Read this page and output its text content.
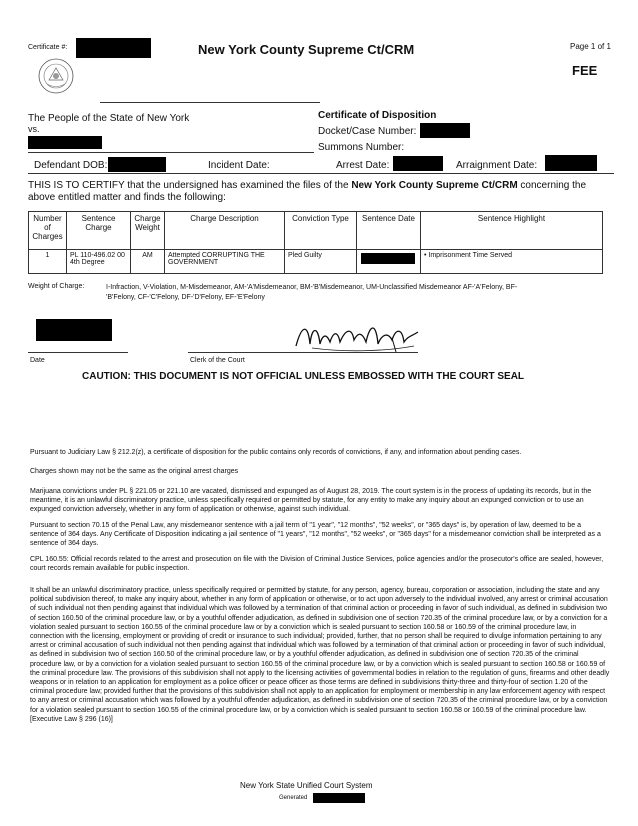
Certificate #:	New York County Supreme Ct/CRM	Page 1 of 1
FEE
The People of the State of New York
vs.
Certificate of Disposition
Docket/Case Number:
Summons Number:
Defendant DOB:	Incident Date:	Arrest Date:	Arraignment Date:
THIS IS TO CERTIFY that the undersigned has examined the files of the New York County Supreme Ct/CRM concerning the above entitled matter and finds the following:
Number of Charges	Sentence Charge	Charge Weight	Charge Description	Conviction Type	Sentence Date	Sentence Highlight
1	PL 110-496.02 00 4th Degree	AM	Attempted CORRUPTING THE GOVERNMENT	Pled Guilty		• Imprisonment Time Served
Weight of Charge:	I-Infraction, V-Violation, M-Misdemeanor, AM-'A'Misdemeanor, BM-'B'Misdemeanor, UM-Unclassified Misdemeanor AF-'A'Felony, BF-'B'Felony, CF-'C'Felony, DF-'D'Felony, EF-'E'Felony
Date	Clerk of the Court
CAUTION: THIS DOCUMENT IS NOT OFFICIAL UNLESS EMBOSSED WITH THE COURT SEAL
Pursuant to Judiciary Law § 212.2(z), a certificate of disposition for the public contains only records of convictions, if any, and information about pending cases.
Charges shown may not be the same as the original arrest charges
Marijuana convictions under PL § 221.05 or 221.10 are vacated, dismissed and expunged as of August 28, 2019. The court system is in the process of updating its records, but in the meantime, it is an unlawful discriminatory practice, unless specifically required or permitted by statute, for any entity to make any inquiry about an expunged conviction or to use an expunged conviction adversely, whether in any form of application or otherwise, against such individual.
Pursuant to section 70.15 of the Penal Law, any misdemeanor sentence with a jail term of "1 year", "12 months", "52 weeks", or "365 days" is, by operation of law, deemed to be a sentence of 364 days. Any Certificate of Disposition indicating a jail sentence of "1 years", "12 months", "52 weeks", or "365 days" for a misdemeanor conviction shall be interpreted as a sentence of 364 days.
CPL 160.55: Official records related to the arrest and prosecution on file with the Division of Criminal Justice Services, police agencies and/or the prosecutor's office are sealed, however, court records remain available for public inspection.
It shall be an unlawful discriminatory practice, unless specifically required or permitted by statute, for any person, agency, bureau, corporation or association, including the state and any political subdivision thereof, to make any inquiry about, whether in any form of application or otherwise, or to act upon adversely to the individual involved, any arrest or criminal accusation of such individual not then pending against that individual which was followed by a termination of that criminal action or proceeding in favor of such individual, as defined in subdivision two of section 160.50 of the criminal procedure law, or by a youthful offender adjudication, as defined in subdivision one of section 720.35 of the criminal procedure law, or by a conviction for a violation sealed pursuant to section 160.55 of the criminal procedure law or by a conviction which is sealed pursuant to section 160.58 or 160.59 of the criminal procedure law, in connection with the licensing, employment or providing of credit or insurance to such individual; provided, further, that no person shall be required to divulge information pertaining to any arrest or criminal accusation of such individual not then pending against that individual which was followed by a termination of that criminal action or proceeding in favor of such individual, as defined in subdivision two of section 160.50 of the criminal procedure law, or by a youthful offender adjudication, as defined in subdivision one of section 720.35 of the criminal procedure law, or by a conviction for a violation sealed pursuant to section 160.55 of the criminal procedure law, or by a conviction which is sealed pursuant to section 160.58 or 160.59 of the criminal procedure law. The provisions of this subdivision shall not apply to the licensing activities of governmental bodies in relation to the regulation of guns, firearms and other deadly weapons or in relation to an application for employment as a police officer or peace officer as those terms are defined in subdivisions thirty-three and thirty-four of section 1.20 of the criminal procedure law; provided further that the provisions of this subdivision shall not apply to an application for employment or membership in any law enforcement agency with respect to any arrest or criminal accusation which was followed by a youthful offender adjudication, as defined in subdivision one of section 720.35 of the criminal procedure law, or by a conviction for a violation sealed pursuant to section 160.55 of the criminal procedure law, or by a conviction which is sealed pursuant to section 160.58 or 160.59 of the criminal procedure law. [Executive Law § 296 (16)]
New York State Unified Court System
Generated
